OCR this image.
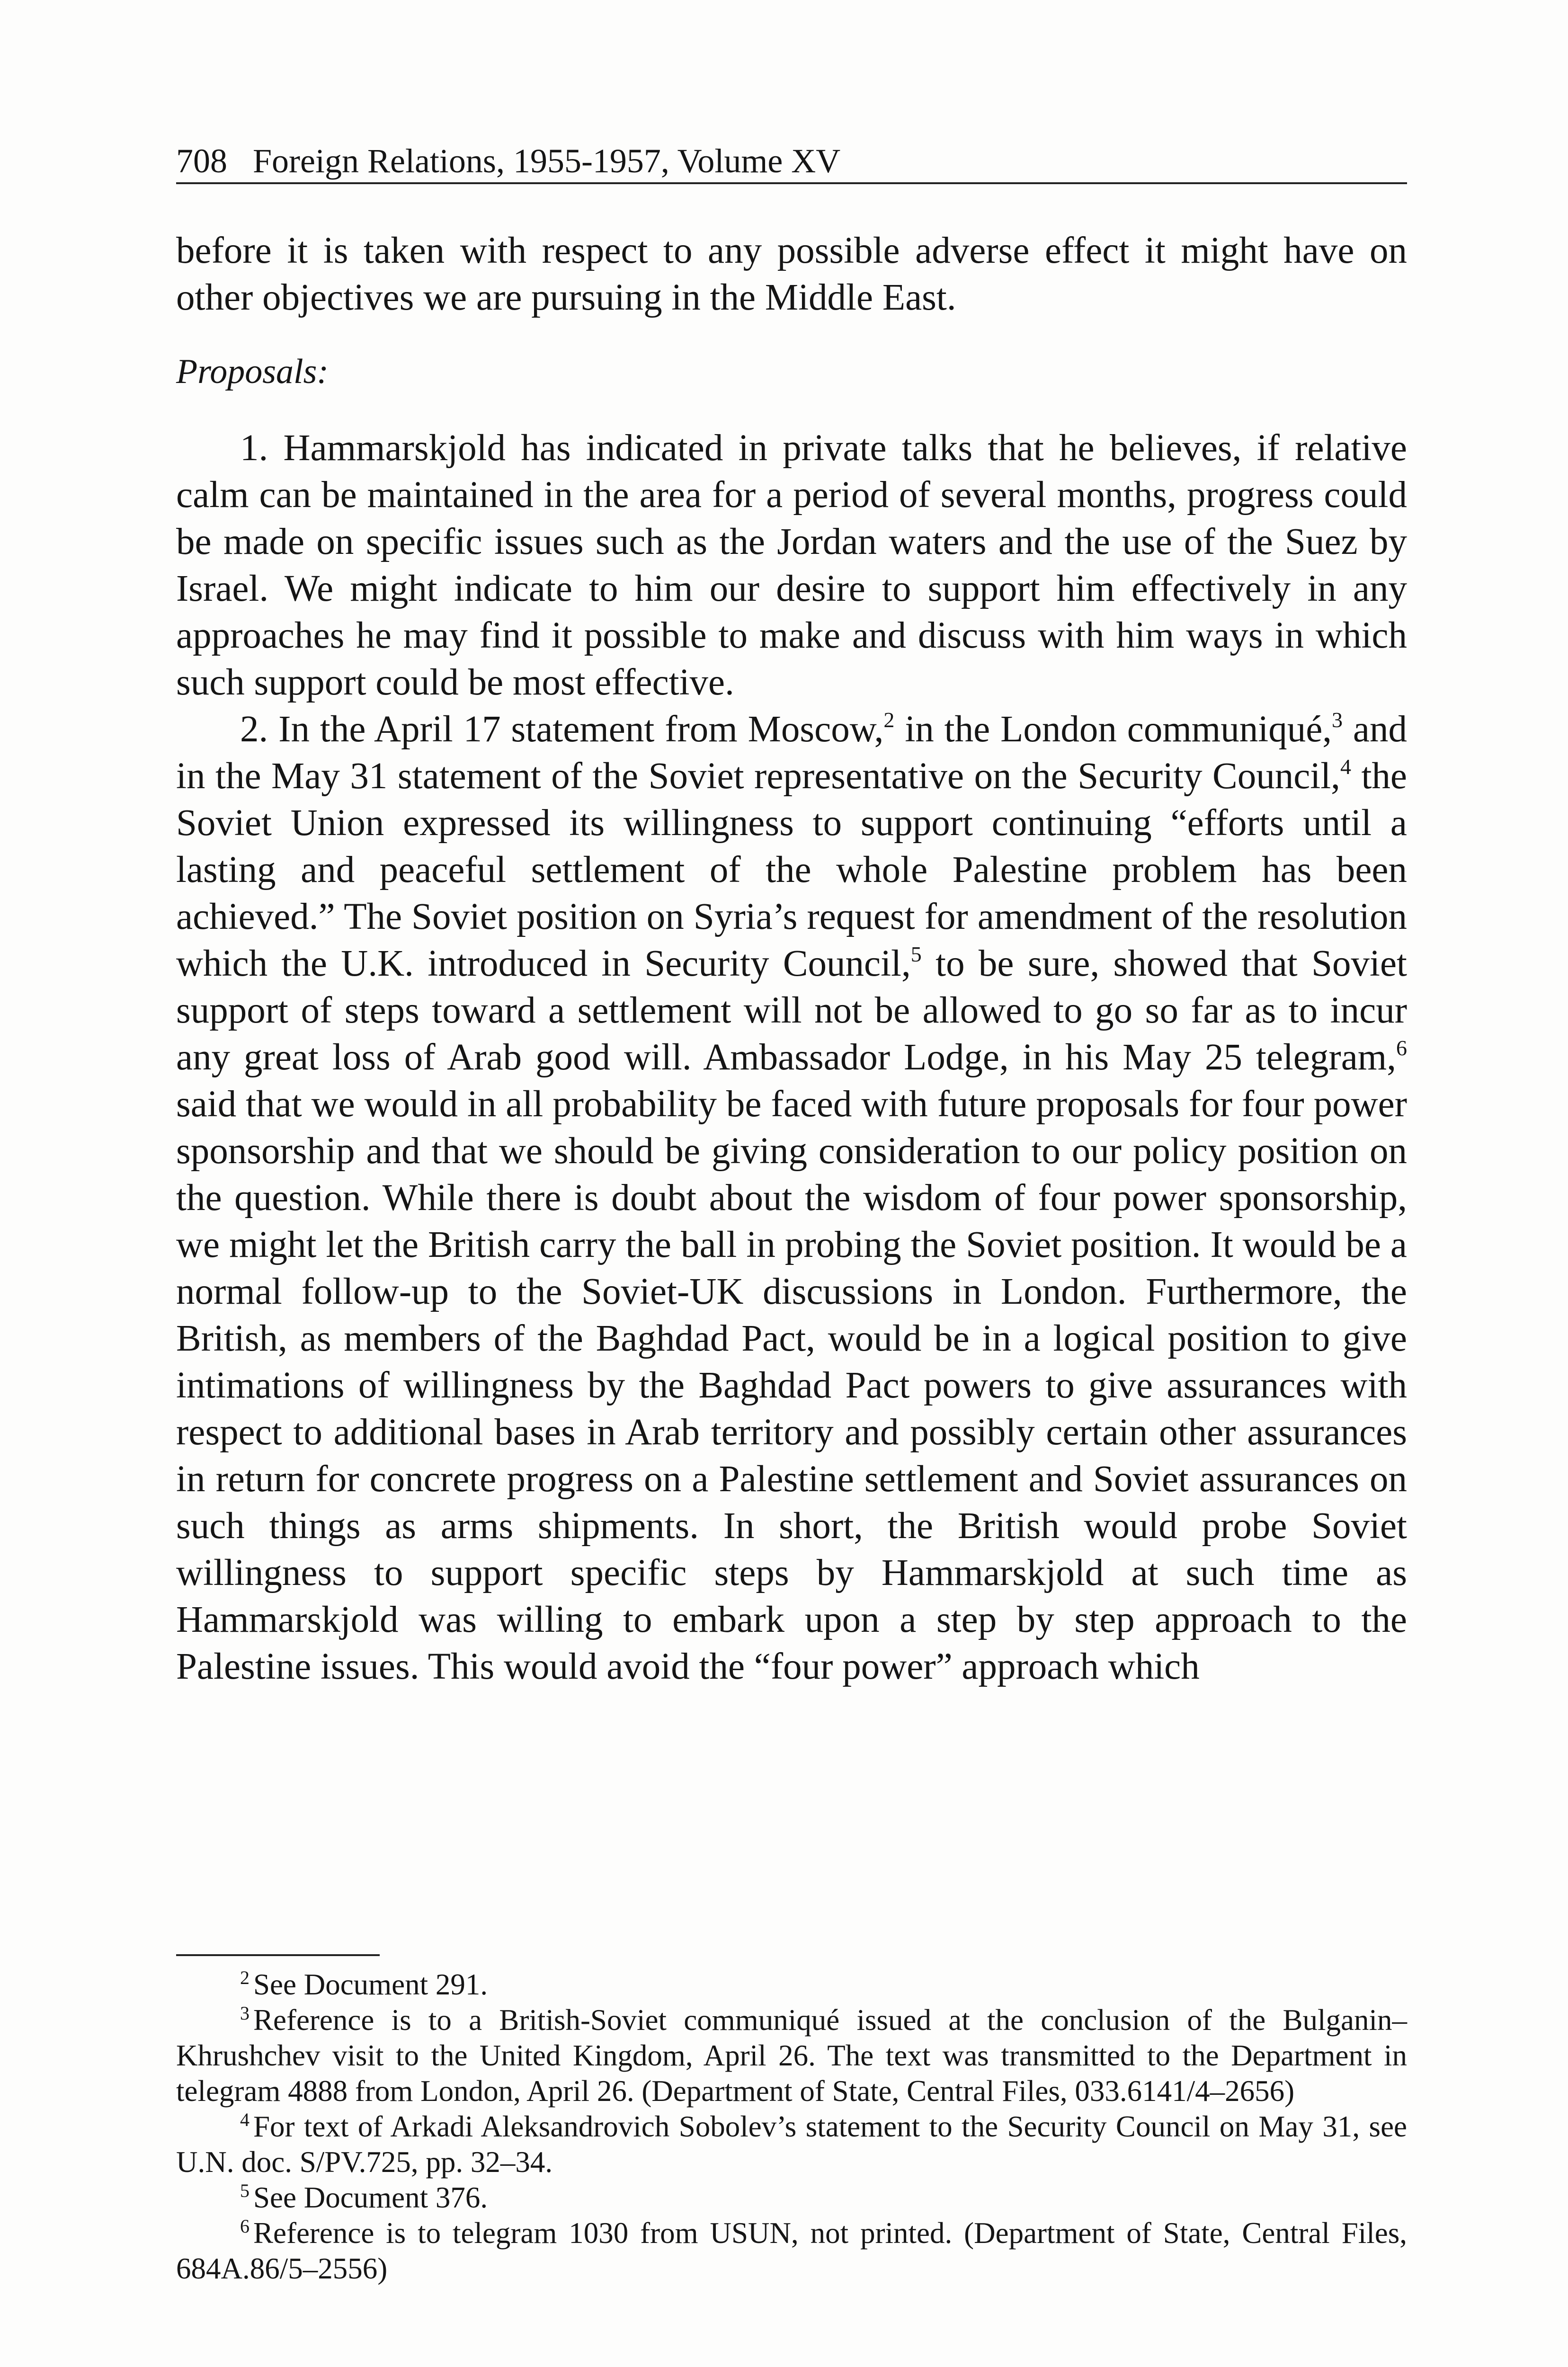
708 Foreign Relations, 1955-1957, Volume XV

before it is taken with respect to any possible adverse effect it might have on other objectives we are pursuing in the Middle East.

Proposals:

1. Hammarskjold has indicated in private talks that he believes, if relative calm can be maintained in the area for a period of several months, progress could be made on specific issues such as the Jordan waters and the use of the Suez by Israel. We might indicate to him our desire to support him effectively in any approaches he may find it possible to make and discuss with him ways in which such support could be most effective.

2. In the April 17 statement from Moscow,$^2$ in the London communiqué,$^3$ and in the May 31 statement of the Soviet representative on the Security Council,$^4$ the Soviet Union expressed its willingness to support continuing “efforts until a lasting and peaceful settlement of the whole Palestine problem has been achieved.” The Soviet position on Syria’s request for amendment of the resolution which the U.K. introduced in Security Council,$^5$ to be sure, showed that Soviet support of steps toward a settlement will not be allowed to go so far as to incur any great loss of Arab good will. Ambassador Lodge, in his May 25 telegram,$^6$ said that we would in all probability be faced with future proposals for four power sponsorship and that we should be giving consideration to our policy position on the question. While there is doubt about the wisdom of four power sponsorship, we might let the British carry the ball in probing the Soviet position. It would be a normal follow-up to the Soviet-UK discussions in London. Furthermore, the British, as members of the Baghdad Pact, would be in a logical position to give intimations of willingness by the Baghdad Pact powers to give assurances with respect to additional bases in Arab territory and possibly certain other assurances in return for concrete progress on a Palestine settlement and Soviet assurances on such things as arms shipments. In short, the British would probe Soviet willingness to support specific steps by Hammarskjold at such time as Hammarskjold was willing to embark upon a step by step approach to the Palestine issues. This would avoid the “four power” approach which

$^2$ See Document 291.

$^3$ Reference is to a British-Soviet communiqué issued at the conclusion of the Bulganin–Khrushchev visit to the United Kingdom, April 26. The text was transmitted to the Department in telegram 4888 from London, April 26. (Department of State, Central Files, 033.6141/4–2656)

$^4$ For text of Arkadi Aleksandrovich Sobolev’s statement to the Security Council on May 31, see U.N. doc. S/PV.725, pp. 32–34.

$^5$ See Document 376.

$^6$ Reference is to telegram 1030 from USUN, not printed. (Department of State, Central Files, 684A.86/5–2556)
